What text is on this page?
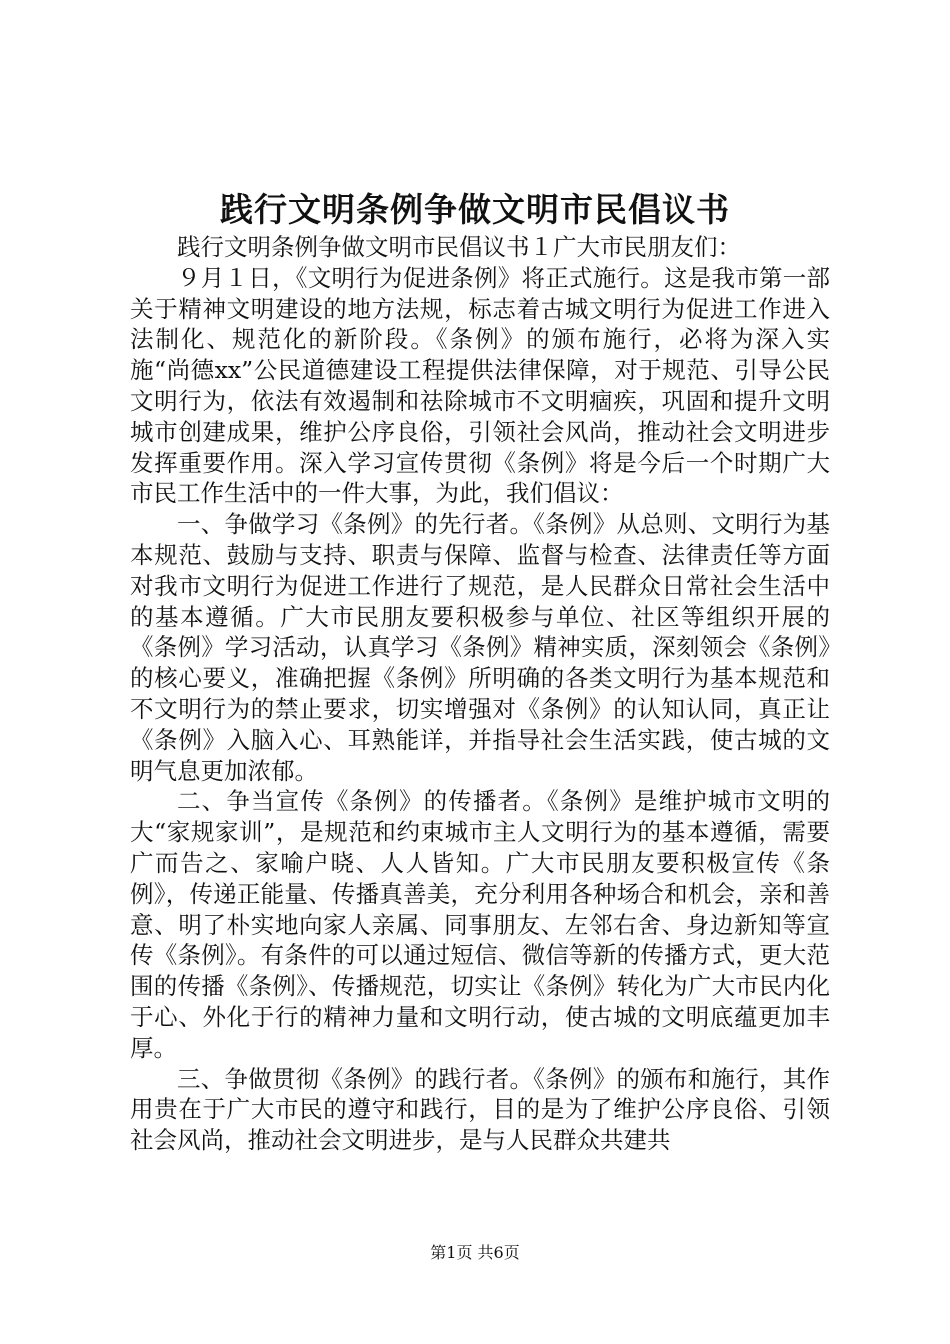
践行文明条例争做文明市民倡议书

践行文明条例争做文明市民倡议书１广大市民朋友们：

９月１日，《文明行为促进条例》将正式施行。这是我市第一部关于精神文明建设的地方法规，标志着古城文明行为促进工作进入法制化、规范化的新阶段。《条例》的颁布施行，必将为深入实施“尚德xx”公民道德建设工程提供法律保障，对于规范、引导公民文明行为，依法有效遏制和祛除城市不文明痼疾，巩固和提升文明城市创建成果，维护公序良俗，引领社会风尚，推动社会文明进步发挥重要作用。深入学习宣传贯彻《条例》将是今后一个时期广大市民工作生活中的一件大事，为此，我们倡议：

一、争做学习《条例》的先行者。《条例》从总则、文明行为基本规范、鼓励与支持、职责与保障、监督与检查、法律责任等方面对我市文明行为促进工作进行了规范，是人民群众日常社会生活中的基本遵循。广大市民朋友要积极参与单位、社区等组织开展的《条例》学习活动，认真学习《条例》精神实质，深刻领会《条例》的核心要义，准确把握《条例》所明确的各类文明行为基本规范和不文明行为的禁止要求，切实增强对《条例》的认知认同，真正让《条例》入脑入心、耳熟能详，并指导社会生活实践，使古城的文明气息更加浓郁。

二、争当宣传《条例》的传播者。《条例》是维护城市文明的大“家规家训”，是规范和约束城市主人文明行为的基本遵循，需要广而告之、家喻户晓、人人皆知。广大市民朋友要积极宣传《条例》，传递正能量、传播真善美，充分利用各种场合和机会，亲和善意、明了朴实地向家人亲属、同事朋友、左邻右舍、身边新知等宣传《条例》。有条件的可以通过短信、微信等新的传播方式，更大范围的传播《条例》、传播规范，切实让《条例》转化为广大市民内化于心、外化于行的精神力量和文明行动，使古城的文明底蕴更加丰厚。

三、争做贯彻《条例》的践行者。《条例》的颁布和施行，其作用贵在于广大市民的遵守和践行，目的是为了维护公序良俗、引领社会风尚，推动社会文明进步，是与人民群众共建共

第1页 共6页
